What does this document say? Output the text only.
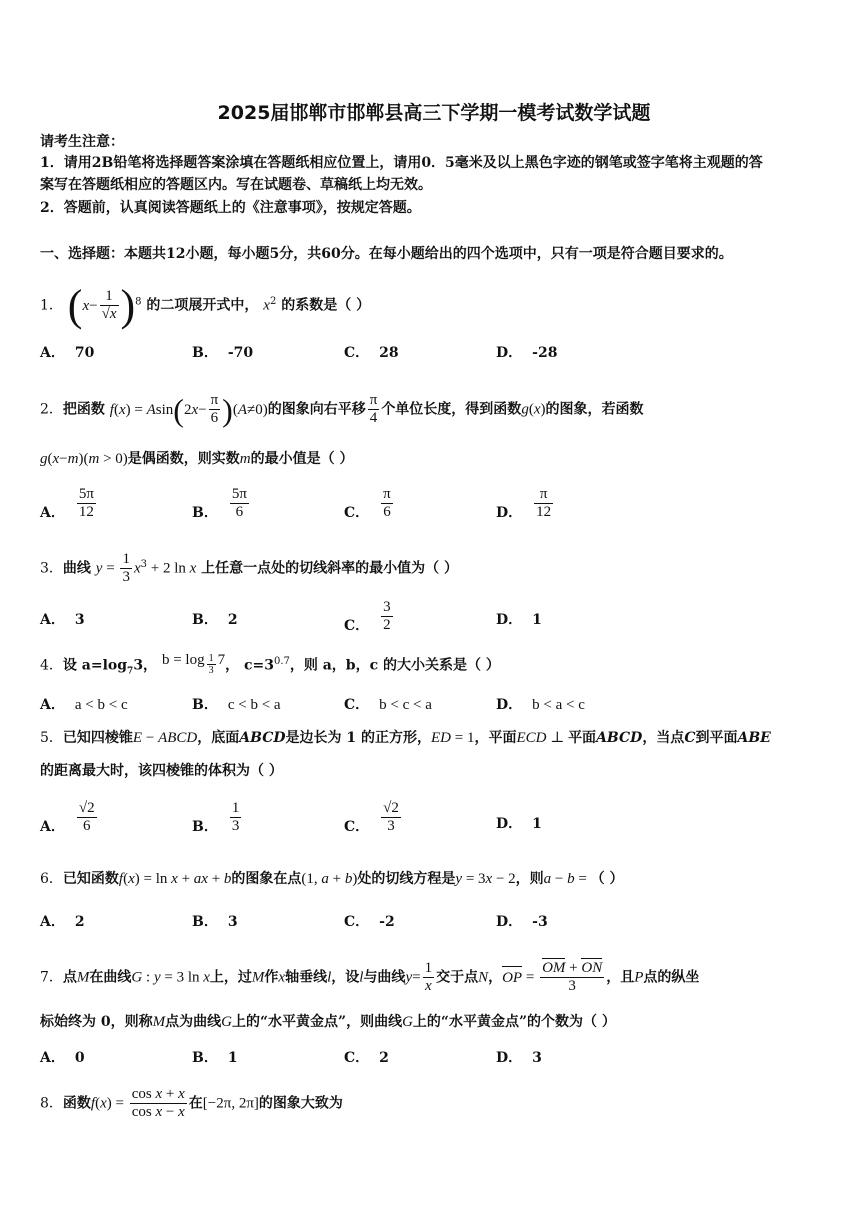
2025届邯郸市邯郸县高三下学期一模考试数学试题
请考生注意：
1．请用2B铅笔将选择题答案涂填在答题纸相应位置上，请用0．5毫米及以上黑色字迹的钢笔或签字笔将主观题的答
案写在答题纸相应的答题区内。写在试题卷、草稿纸上均无效。
2．答题前，认真阅读答题纸上的《注意事项》，按规定答题。
一、选择题：本题共12小题，每小题5分，共60分。在每小题给出的四个选项中，只有一项是符合题目要求的。
1． $(x- \frac{1}{√x} )^8$ 的二项展开式中， $x^2$ 的系数是（ ）
A． 70	B． -70	C． 28	D． -28
2．把函数 $f(x) = Asin(2x- \frac{\pi}{6} )(A\ne 0)$的图象向右平移 $\frac{\pi}{4}$ 个单位长度，得到函数g(x)的图象，若函数
g(x−m)(m > 0)是偶函数，则实数m的最小值是（ ）
A． $\frac{5\pi}{12}$	B． $\frac{5\pi}{6}$	C． $\frac{\pi}{6}$	D． $\frac{\pi}{12}$
3．曲线 $y = \frac{1}{3} x^3 + 2$ ln x 上任意一点处的切线斜率的最小值为（ ）
A． 3	B． 2	C． $\frac{3}{2}$	D． 1
4．设 $a=\log_73$， b = log $_{\frac{1}{3}}$ 7， $c=3^{0.7}$，则 a，b，c 的大小关系是（ ）
A． a < b < c	B． c < b < a	C． b < c < a	D． b < a < c
5．已知四棱锥E − ABCD，底面ABCD是边长为 1 的正方形，ED = 1，平面ECD ⊥ 平面ABCD，当点C到平面ABE
的距离最大时，该四棱锥的体积为（ ）
A． $\frac{√2}{6}$	B． $\frac{1}{3}$	C． $\frac{√2}{3}$	D． 1
6．已知函数f(x) = ln x + ax + b的图象在点(1, a + b)处的切线方程是y = 3x − 2，则a − b = （ ）
A． 2	B． 3	C． -2	D． -3
7．点M在曲线G : y = 3 ln x上，过M作x轴垂线l，设l与曲线$y= \frac{1}{x}$ 交于点N，OP = $\frac{OM + ON}{3}$ ，且P点的纵坐
标始终为 0，则称M点为曲线G上的“水平黄金点”，则曲线G上的“水平黄金点”的个数为（ ）
A． 0	B． 1	C． 2	D． 3
8．函数$f(x) = \frac{\text{cos x + x}}{\text{cos x − x}}$ 在[−2π, 2π]的图象大致为
